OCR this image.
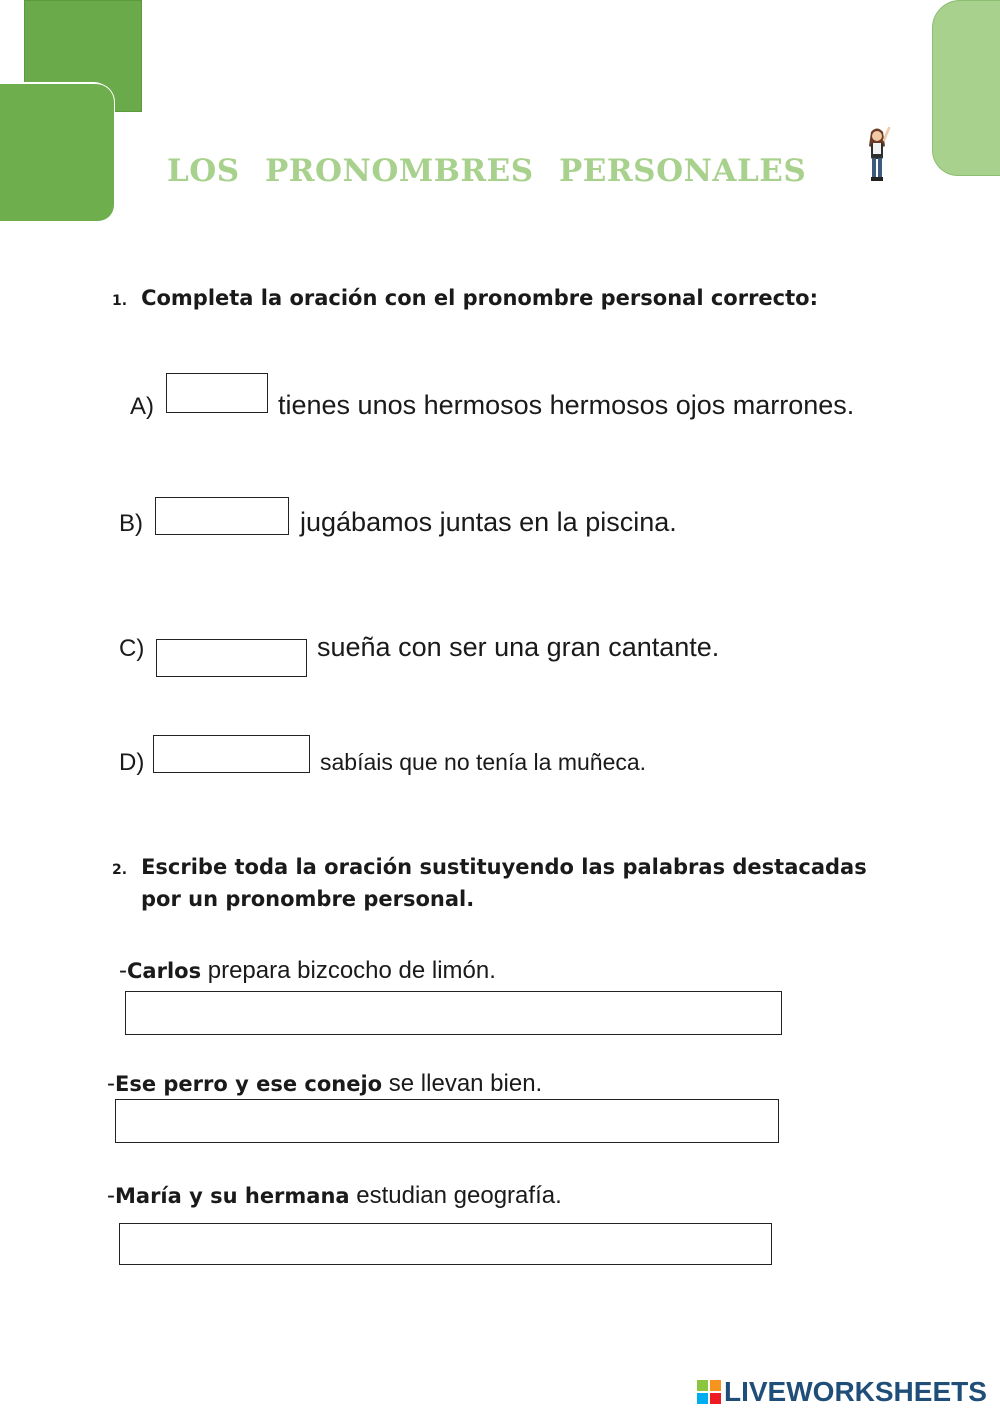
LOS PRONOMBRES PERSONALES
1. Completa la oración con el pronombre personal correcto:
A)	tienes unos hermosos hermosos ojos marrones.
B)	jugábamos juntas en la piscina.
C)	sueña con ser una gran cantante.
D)	sabíais que no tenía la muñeca.
2. Escribe toda la oración sustituyendo las palabras destacadas
por un pronombre personal.
-Carlos prepara bizcocho de limón.
-Ese perro y ese conejo se llevan bien.
-María y su hermana estudian geografía.
LIVEWORKSHEETS
